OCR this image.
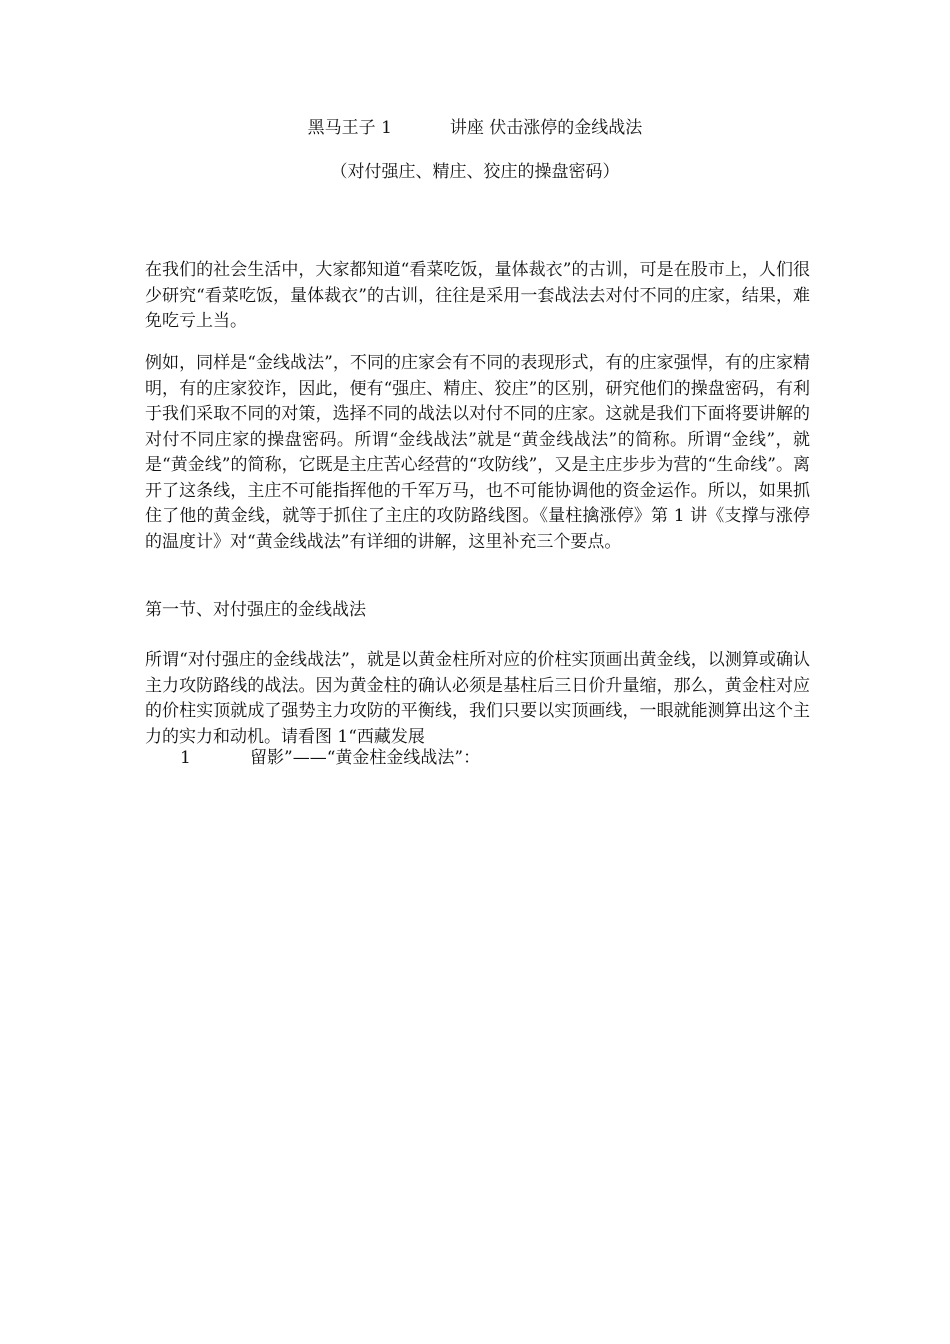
黑马王子 1	讲座 伏击涨停的金线战法
（对付强庄、精庄、狡庄的操盘密码）
在我们的社会生活中，大家都知道“看菜吃饭，量体裁衣”的古训，可是在股市上，人们很少研究“看菜吃饭，量体裁衣”的古训，往往是采用一套战法去对付不同的庄家，结果，难免吃亏上当。
例如，同样是“金线战法”，不同的庄家会有不同的表现形式，有的庄家强悍，有的庄家精明，有的庄家狡诈，因此，便有“强庄、精庄、狡庄”的区别，研究他们的操盘密码，有利于我们采取不同的对策，选择不同的战法以对付不同的庄家。这就是我们下面将要讲解的对付不同庄家的操盘密码。所谓“金线战法”就是“黄金线战法”的简称。所谓“金线”，就是“黄金线”的简称，它既是主庄苦心经营的“攻防线”，又是主庄步步为营的“生命线”。离开了这条线，主庄不可能指挥他的千军万马，也不可能协调他的资金运作。所以，如果抓住了他的黄金线，就等于抓住了主庄的攻防路线图。《量柱擒涨停》第 1 讲《支撑与涨停的温度计》对“黄金线战法”有详细的讲解，这里补充三个要点。
第一节、对付强庄的金线战法
所谓“对付强庄的金线战法”，就是以黄金柱所对应的价柱实顶画出黄金线，以测算或确认主力攻防路线的战法。因为黄金柱的确认必须是基柱后三日价升量缩，那么，黄金柱对应的价柱实顶就成了强势主力攻防的平衡线，我们只要以实顶画线，一眼就能测算出这个主力的实力和动机。请看图 1“西藏发展
1	留影”——“黄金柱金线战法”：
